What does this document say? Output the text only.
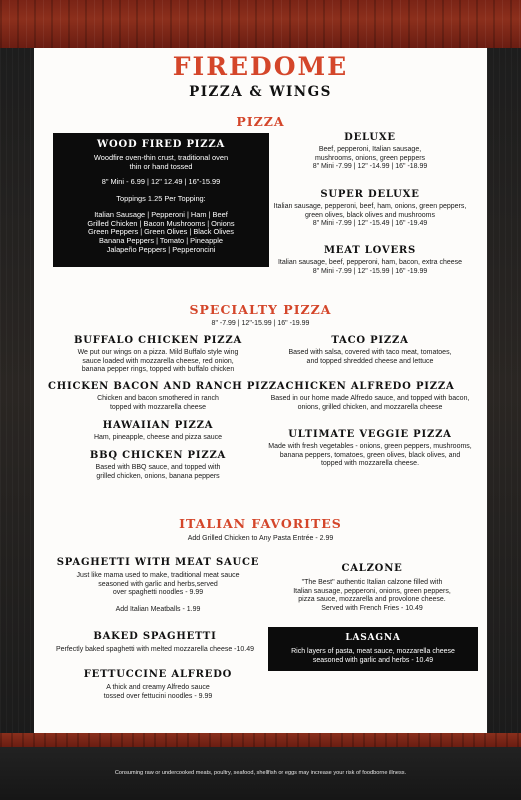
FIREDOME
PIZZA & WINGS
PIZZA
WOOD FIRED PIZZA
Woodfire oven-thin crust, traditional oven
thin or hand tossed
8" Mini - 6.99 | 12" 12.49 | 16"-15.99
Toppings 1.25 Per Topping:
Italian Sausage | Pepperoni | Ham | Beef
Grilled Chicken | Bacon Mushrooms | Onions
Green Peppers | Green Olives | Black Olives
Banana Peppers | Tomato | Pineapple
Jalapeño Peppers | Pepperoncini
DELUXE
Beef, pepperoni, Italian sausage,
mushrooms, onions, green peppers
8" Mini -7.99 | 12" -14.99 | 16" -18.99
SUPER DELUXE
Italian sausage, pepperoni, beef, ham, onions, green peppers,
green olives, black olives and mushrooms
8" Mini -7.99 | 12" -15.49 | 16" -19.49
MEAT LOVERS
Italian sausage, beef, pepperoni, ham, bacon, extra cheese
8" Mini -7.99 | 12" -15.99 | 16" -19.99
SPECIALTY PIZZA
8" -7.99 | 12"-15.99 | 16" -19.99
BUFFALO CHICKEN PIZZA
We put our wings on a pizza. Mild Buffalo style wing
sauce loaded with mozzarella cheese, red onion,
banana pepper rings, topped with buffalo chicken
CHICKEN BACON AND RANCH PIZZA
Chicken and bacon smothered in ranch
topped with mozzarella cheese
HAWAIIAN PIZZA
Ham, pineapple, cheese and pizza sauce
BBQ CHICKEN PIZZA
Based with BBQ sauce, and topped with
grilled chicken, onions, banana peppers
TACO PIZZA
Based with salsa, covered with taco meat, tomatoes,
and topped shredded cheese and lettuce
CHICKEN ALFREDO PIZZA
Based in our home made Alfredo sauce, and topped with bacon,
onions, grilled chicken, and mozzarella cheese
ULTIMATE VEGGIE PIZZA
Made with fresh vegetables - onions, green peppers, mushrooms,
banana peppers, tomatoes, green olives, black olives, and
topped with mozzarella cheese.
ITALIAN FAVORITES
Add Grilled Chicken to Any Pasta Entrée - 2.99
SPAGHETTI WITH MEAT SAUCE
Just like mama used to make, traditional meat sauce
seasoned with garlic and herbs,served
over spaghetti noodles - 9.99
Add Italian Meatballs - 1.99
BAKED SPAGHETTI
Perfectly baked spaghetti with melted mozzarella cheese -10.49
FETTUCCINE ALFREDO
A thick and creamy Alfredo sauce
tossed over fettucini noodles - 9.99
CALZONE
"The Best" authentic Italian calzone filled with
Italian sausage, pepperoni, onions, green peppers,
pizza sauce, mozzarella and provolone cheese.
Served with French Fries - 10.49
LASAGNA
Rich layers of pasta, meat sauce, mozzarella cheese
seasoned with garlic and herbs - 10.49
Consuming raw or undercooked meats, poultry, seafood, shellfish or eggs may increase your risk of foodborne illness.
